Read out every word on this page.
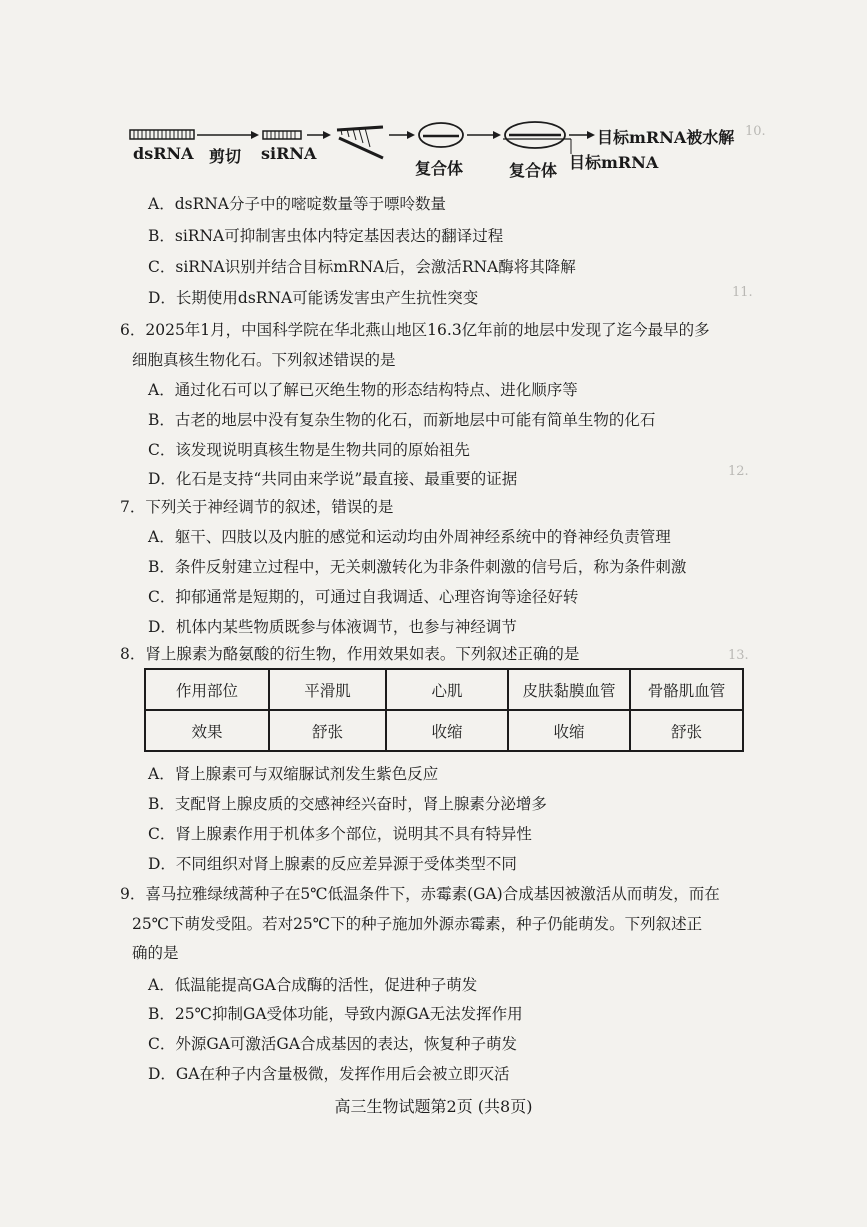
10.
11.
12.
13.
dsRNA 剪切 siRNA
复合体	复合体
目标mRNA被水解
目标mRNA
A．dsRNA分子中的嘧啶数量等于嘌呤数量
B．siRNA可抑制害虫体内特定基因表达的翻译过程
C．siRNA识别并结合目标mRNA后，会激活RNA酶将其降解
D．长期使用dsRNA可能诱发害虫产生抗性突变
6．2025年1月，中国科学院在华北燕山地区16.3亿年前的地层中发现了迄今最早的多
细胞真核生物化石。下列叙述错误的是
A．通过化石可以了解已灭绝生物的形态结构特点、进化顺序等
B．古老的地层中没有复杂生物的化石，而新地层中可能有简单生物的化石
C．该发现说明真核生物是生物共同的原始祖先
D．化石是支持“共同由来学说”最直接、最重要的证据
7．下列关于神经调节的叙述，错误的是
A．躯干、四肢以及内脏的感觉和运动均由外周神经系统中的脊神经负责管理
B．条件反射建立过程中，无关刺激转化为非条件刺激的信号后，称为条件刺激
C．抑郁通常是短期的，可通过自我调适、心理咨询等途径好转
D．机体内某些物质既参与体液调节，也参与神经调节
8．肾上腺素为酪氨酸的衍生物，作用效果如表。下列叙述正确的是
作用部位	平滑肌	心肌	皮肤黏膜血管	骨骼肌血管
效果	舒张	收缩	收缩	舒张
A．肾上腺素可与双缩脲试剂发生紫色反应
B．支配肾上腺皮质的交感神经兴奋时，肾上腺素分泌增多
C．肾上腺素作用于机体多个部位，说明其不具有特异性
D．不同组织对肾上腺素的反应差异源于受体类型不同
9．喜马拉雅绿绒蒿种子在5℃低温条件下，赤霉素(GA)合成基因被激活从而萌发，而在
25℃下萌发受阻。若对25℃下的种子施加外源赤霉素，种子仍能萌发。下列叙述正
确的是
A．低温能提高GA合成酶的活性，促进种子萌发
B．25℃抑制GA受体功能，导致内源GA无法发挥作用
C．外源GA可激活GA合成基因的表达，恢复种子萌发
D．GA在种子内含量极微，发挥作用后会被立即灭活
高三生物试题第2页 (共8页)
